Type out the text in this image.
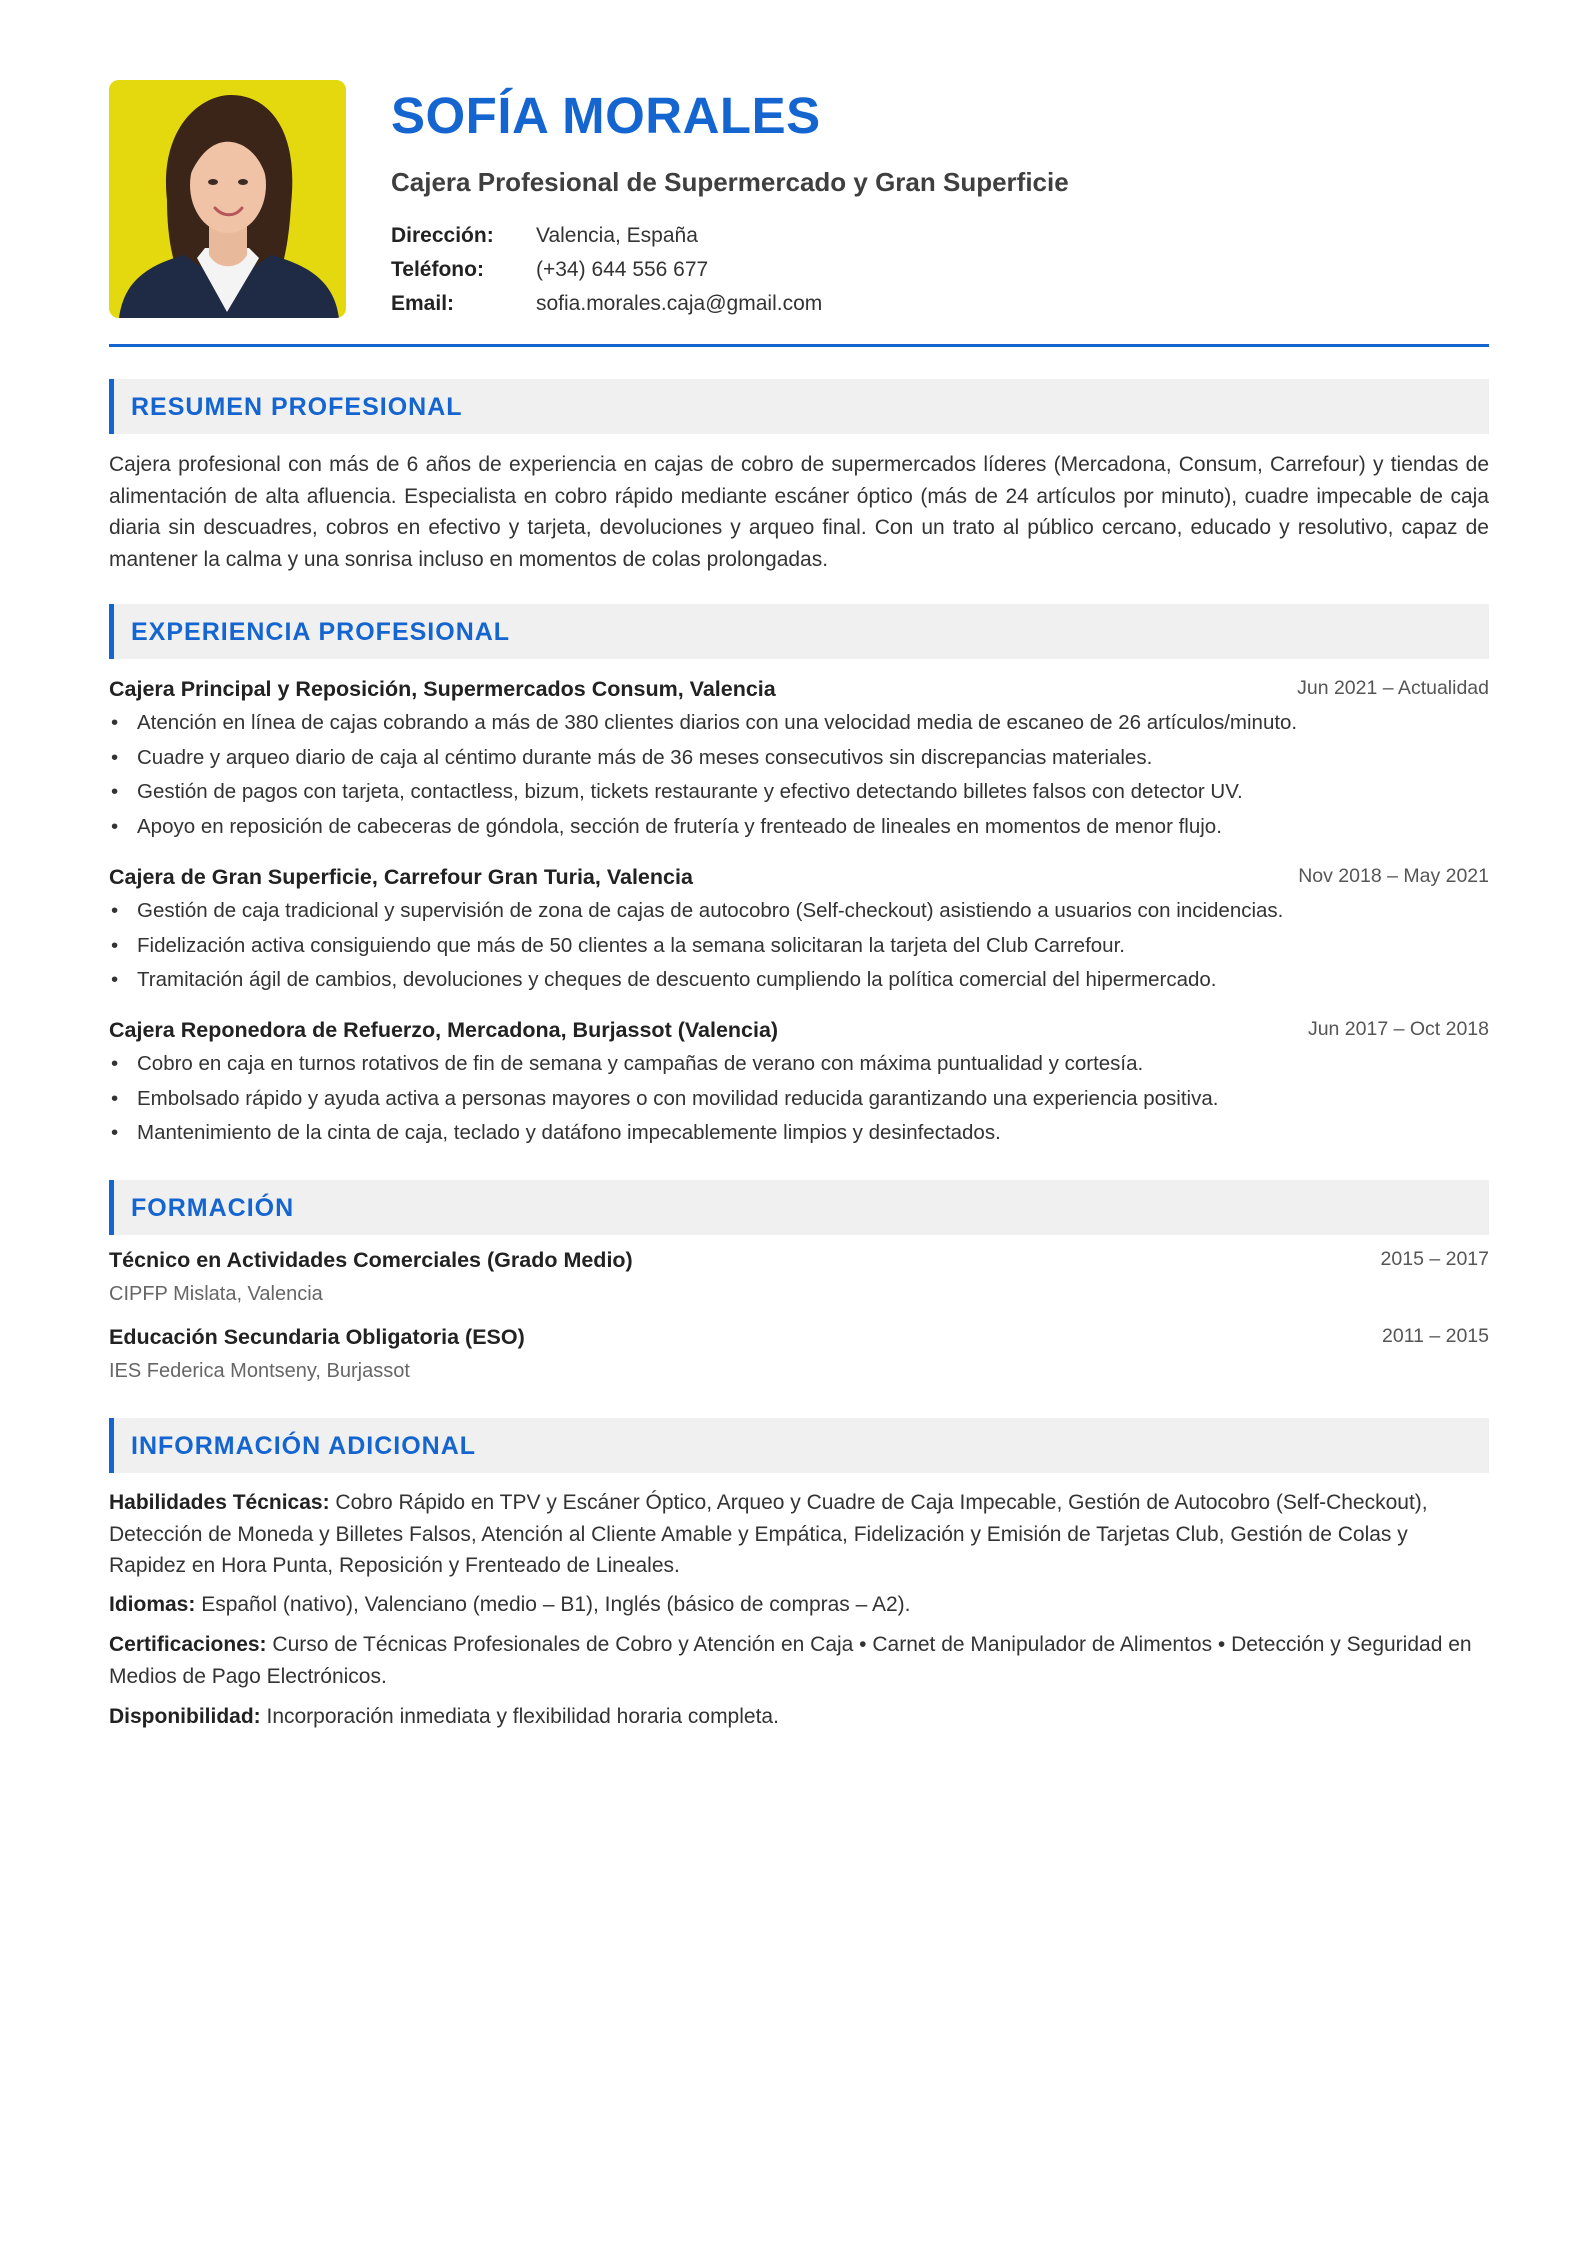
SOFÍA MORALES
Cajera Profesional de Supermercado y Gran Superficie
Dirección:	Valencia, España
Teléfono:	(+34) 644 556 677
Email:	sofia.morales.caja@gmail.com
RESUMEN PROFESIONAL
Cajera profesional con más de 6 años de experiencia en cajas de cobro de supermercados líderes (Mercadona, Consum, Carrefour) y tiendas de alimentación de alta afluencia. Especialista en cobro rápido mediante escáner óptico (más de 24 artículos por minuto), cuadre impecable de caja diaria sin descuadres, cobros en efectivo y tarjeta, devoluciones y arqueo final. Con un trato al público cercano, educado y resolutivo, capaz de mantener la calma y una sonrisa incluso en momentos de colas prolongadas.
EXPERIENCIA PROFESIONAL
Cajera Principal y Reposición, Supermercados Consum, Valencia	Jun 2021 – Actualidad
• Atención en línea de cajas cobrando a más de 380 clientes diarios con una velocidad media de escaneo de 26 artículos/minuto.
• Cuadre y arqueo diario de caja al céntimo durante más de 36 meses consecutivos sin discrepancias materiales.
• Gestión de pagos con tarjeta, contactless, bizum, tickets restaurante y efectivo detectando billetes falsos con detector UV.
• Apoyo en reposición de cabeceras de góndola, sección de frutería y frenteado de lineales en momentos de menor flujo.
Cajera de Gran Superficie, Carrefour Gran Turia, Valencia	Nov 2018 – May 2021
• Gestión de caja tradicional y supervisión de zona de cajas de autocobro (Self-checkout) asistiendo a usuarios con incidencias.
• Fidelización activa consiguiendo que más de 50 clientes a la semana solicitaran la tarjeta del Club Carrefour.
• Tramitación ágil de cambios, devoluciones y cheques de descuento cumpliendo la política comercial del hipermercado.
Cajera Reponedora de Refuerzo, Mercadona, Burjassot (Valencia)	Jun 2017 – Oct 2018
• Cobro en caja en turnos rotativos de fin de semana y campañas de verano con máxima puntualidad y cortesía.
• Embolsado rápido y ayuda activa a personas mayores o con movilidad reducida garantizando una experiencia positiva.
• Mantenimiento de la cinta de caja, teclado y datáfono impecablemente limpios y desinfectados.
FORMACIÓN
Técnico en Actividades Comerciales (Grado Medio)	2015 – 2017
CIPFP Mislata, Valencia
Educación Secundaria Obligatoria (ESO)	2011 – 2015
IES Federica Montseny, Burjassot
INFORMACIÓN ADICIONAL
Habilidades Técnicas: Cobro Rápido en TPV y Escáner Óptico, Arqueo y Cuadre de Caja Impecable, Gestión de Autocobro (Self-Checkout), Detección de Moneda y Billetes Falsos, Atención al Cliente Amable y Empática, Fidelización y Emisión de Tarjetas Club, Gestión de Colas y Rapidez en Hora Punta, Reposición y Frenteado de Lineales.
Idiomas: Español (nativo), Valenciano (medio – B1), Inglés (básico de compras – A2).
Certificaciones: Curso de Técnicas Profesionales de Cobro y Atención en Caja • Carnet de Manipulador de Alimentos • Detección y Seguridad en Medios de Pago Electrónicos.
Disponibilidad: Incorporación inmediata y flexibilidad horaria completa.
